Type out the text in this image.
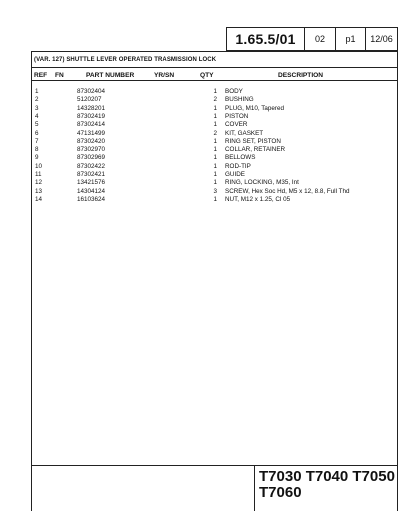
1.65.5/01 02 p1 12/06
(VAR. 127) SHUTTLE LEVER OPERATED TRASMISSION LOCK
REF FN	PART NUMBER	YR/SN	QTY	DESCRIPTION
1	87302404	1 BODY
2	5120207	2 BUSHING
3	14328201	1 PLUG, M10, Tapered
4	87302419	1 PISTON
5	87302414	1 COVER
6	47131499	2 KIT, GASKET
7	87302420	1 RING SET, PISTON
8	87302970	1 COLLAR, RETAINER
9	87302969	1 BELLOWS
10	87302422	1 ROD-TIP
11	87302421	1 GUIDE
12	13421576	1 RING, LOCKING, M35, Int
13	14304124	3 SCREW, Hex Soc Hd, M5 x 12, 8.8, Full Thd
14	16103624	1 NUT, M12 x 1.25, Cl 05
T7030 T7040 T7050 T7060
